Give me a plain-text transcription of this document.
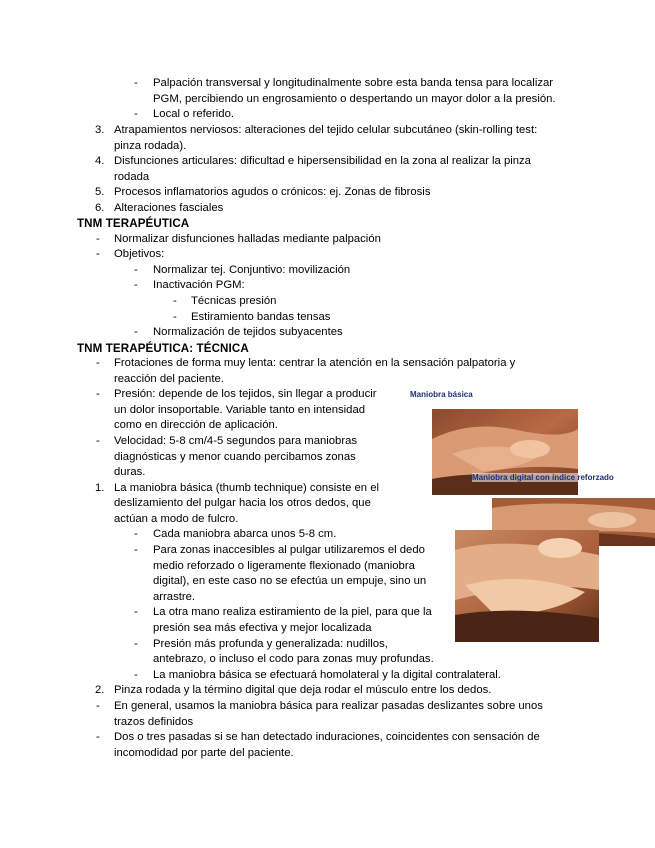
- Palpación transversal y longitudinalmente sobre esta banda tensa para localizar
PGM, percibiendo un engrosamiento o despertando un mayor dolor a la presión.
- Local o referido.
3. Atrapamientos nerviosos: alteraciones del tejido celular subcutáneo (skin-rolling test:
pinza rodada).
4. Disfunciones articulares: dificultad e hipersensibilidad en la zona al realizar la pinza
rodada
5. Procesos inflamatorios agudos o crónicos: ej. Zonas de fibrosis
6. Alteraciones fasciales
TNM TERAPÉUTICA
- Normalizar disfunciones halladas mediante palpación
- Objetivos:
- Normalizar tej. Conjuntivo: movilización
- Inactivación PGM:
- Técnicas presión
- Estiramiento bandas tensas
- Normalización de tejidos subyacentes
TNM TERAPÉUTICA: TÉCNICA
- Frotaciones de forma muy lenta: centrar la atención en la sensación palpatoria y
reacción del paciente.
- Presión: depende de los tejidos, sin llegar a producir
un dolor insoportable. Variable tanto en intensidad
como en dirección de aplicación.
- Velocidad: 5-8 cm/4-5 segundos para maniobras
diagnósticas y menor cuando percibamos zonas
duras.
1. La maniobra básica (thumb technique) consiste en el
deslizamiento del pulgar hacia los otros dedos, que
actúan a modo de fulcro.
- Cada maniobra abarca unos 5-8 cm.
- Para zonas inaccesibles al pulgar utilizaremos el dedo
medio reforzado o ligeramente flexionado (maniobra
digital), en este caso no se efectúa un empuje, sino un
arrastre.
- La otra mano realiza estiramiento de la piel, para que la
presión sea más efectiva y mejor localizada
- Presión más profunda y generalizada: nudillos,
antebrazo, o incluso el codo para zonas muy profundas.
- La maniobra básica se efectuará homolateral y la digital contralateral.
2. Pinza rodada y la término digital que deja rodar el músculo entre los dedos.
- En general, usamos la maniobra básica para realizar pasadas deslizantes sobre unos
trazos definidos
- Dos o tres pasadas si se han detectado induraciones, coincidentes con sensación de
incomodidad por parte del paciente.
Maniobra básica
Maniobra digital con índice reforzado
